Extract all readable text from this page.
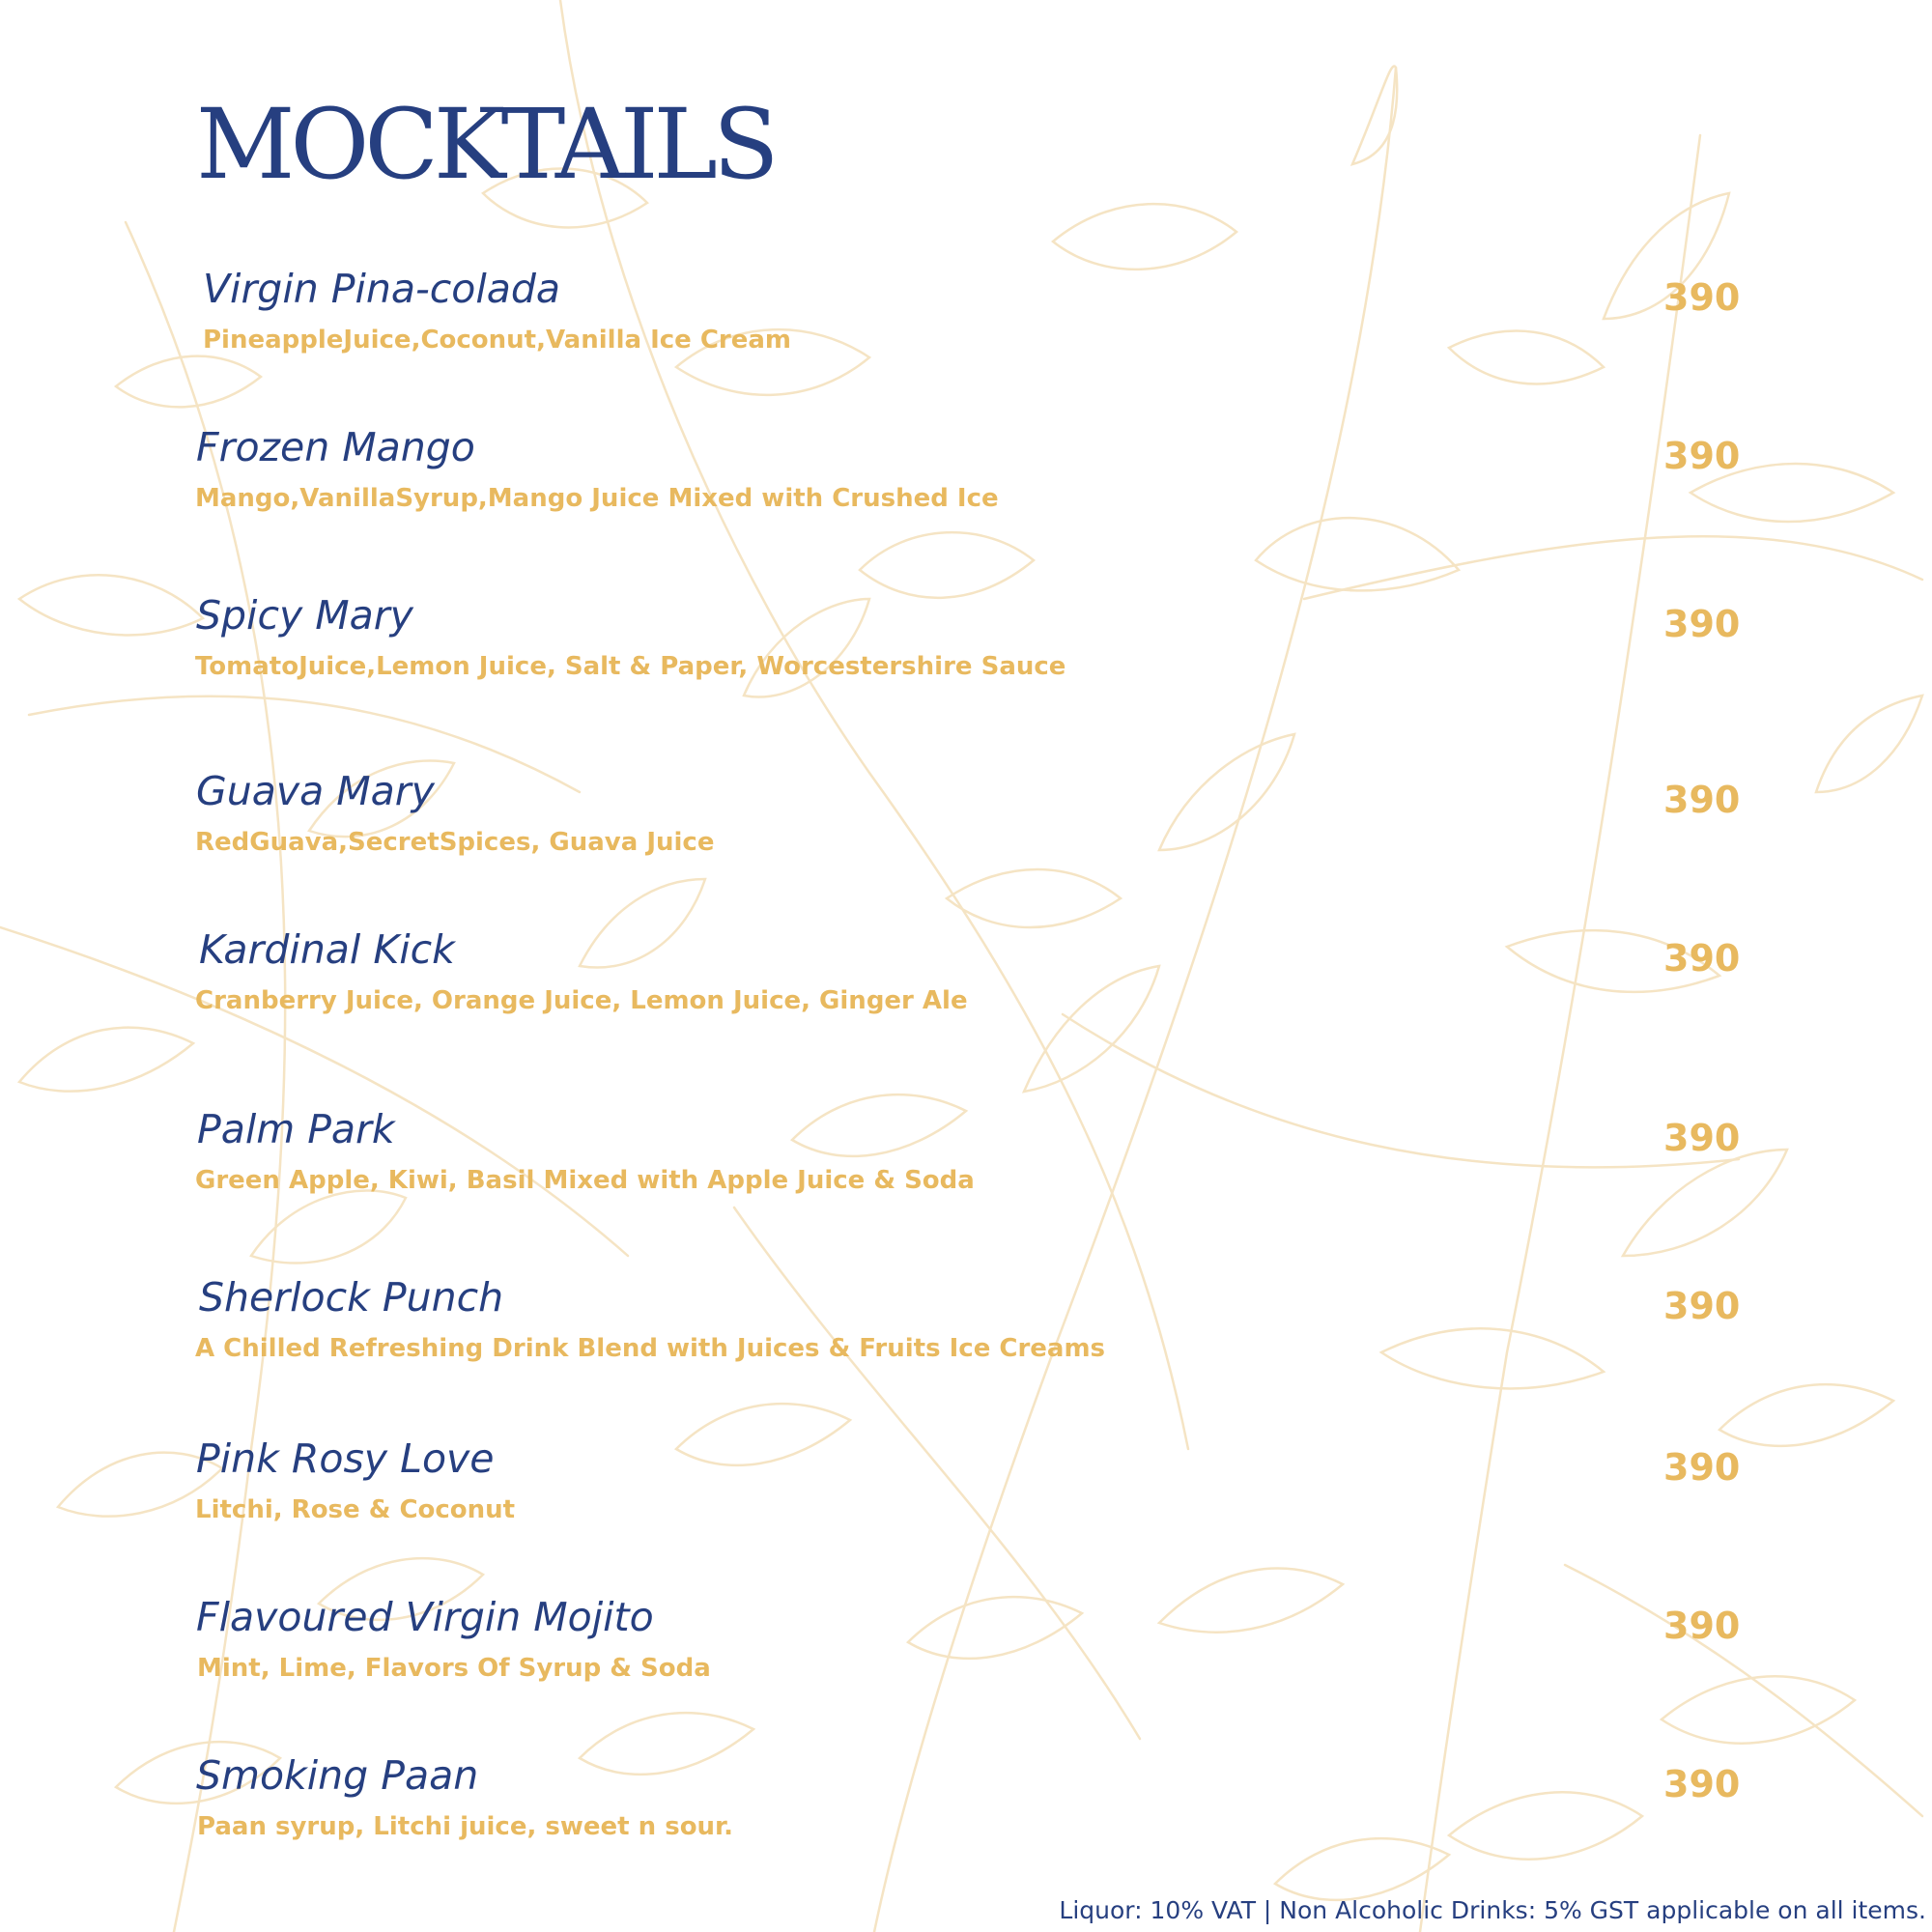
MOCKTAILS
Virgin Pina-colada

PineappleJuice,Coconut,Vanilla Ice Cream

390

Frozen Mango

Mango,VanillaSyrup,Mango Juice Mixed with Crushed Ice

390

Spicy Mary

TomatoJuice,Lemon Juice, Salt & Paper, Worcestershire Sauce

390

Guava Mary

RedGuava,SecretSpices, Guava Juice

390

Kardinal Kick

Cranberry Juice, Orange Juice, Lemon Juice, Ginger Ale

390

Palm Park

Green Apple, Kiwi, Basil Mixed with Apple Juice & Soda

390

Sherlock Punch

A Chilled Refreshing Drink Blend with Juices & Fruits Ice Creams

390

Pink Rosy Love

Litchi, Rose & Coconut

390

Flavoured Virgin Mojito

Mint, Lime, Flavors Of Syrup & Soda

390

Smoking Paan

Paan syrup, Litchi juice, sweet n sour.

390

Liquor: 10% VAT | Non Alcoholic Drinks: 5% GST applicable on all items.
